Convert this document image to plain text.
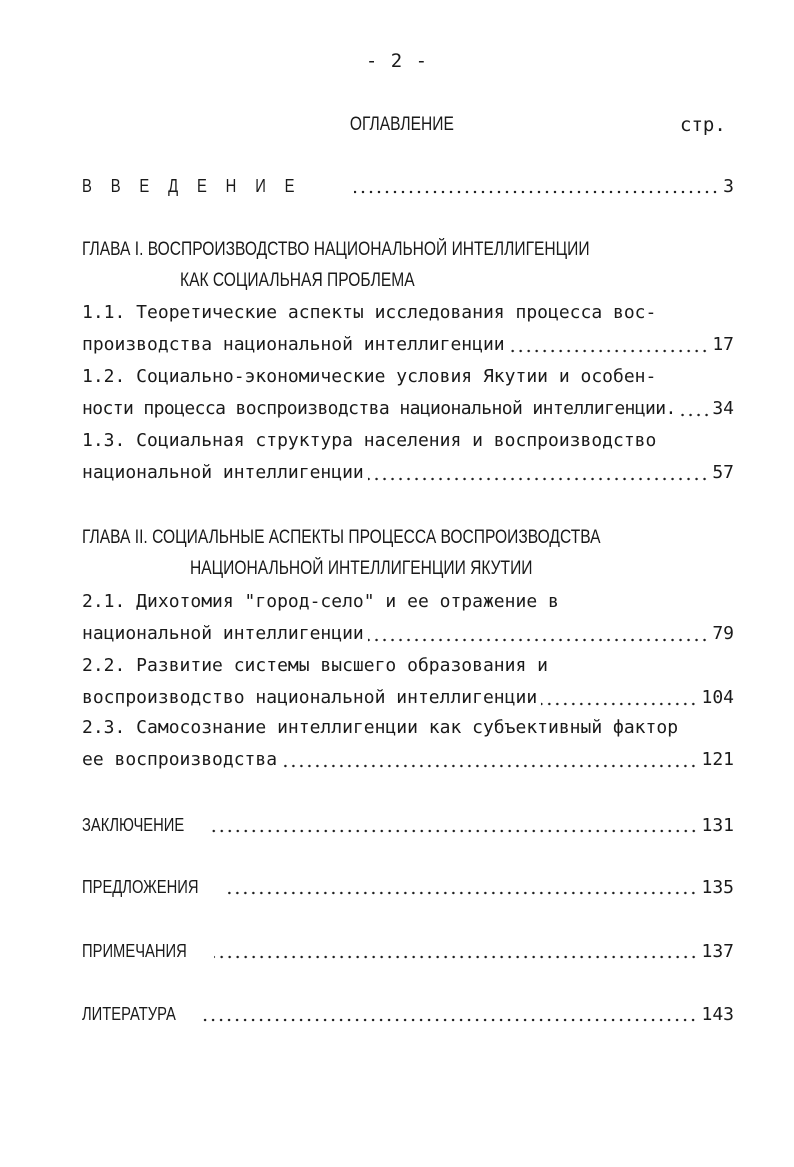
- 2 -
ОГЛАВЛЕНИЕ	стр.
В В Е Д Е Н И Е	3
ГЛАВА I. ВОСПРОИЗВОДСТВО НАЦИОНАЛЬНОЙ ИНТЕЛЛИГЕНЦИИ
КАК СОЦИАЛЬНАЯ ПРОБЛЕМА
1.1. Теоретические аспекты исследования процесса вос-
производства национальной интеллигенции	17
1.2. Социально-экономические условия Якутии и особен-
ности процесса воспроизводства национальной интеллигенции. 34
1.3. Социальная структура населения и воспроизводство
национальной интеллигенции	57
ГЛАВА II. СОЦИАЛЬНЫЕ АСПЕКТЫ ПРОЦЕССА ВОСПРОИЗВОДСТВА
НАЦИОНАЛЬНОЙ ИНТЕЛЛИГЕНЦИИ ЯКУТИИ
2.1. Дихотомия "город-село" и ее отражение в
национальной интеллигенции	79
2.2. Развитие системы высшего образования и
воспроизводство национальной интеллигенции	104
2.3. Самосознание интеллигенции как субъективный фактор
ее воспроизводства	121
ЗАКЛЮЧЕНИЕ	131
ПРЕДЛОЖЕНИЯ	135
ПРИМЕЧАНИЯ	137
ЛИТЕРАТУРА	143
